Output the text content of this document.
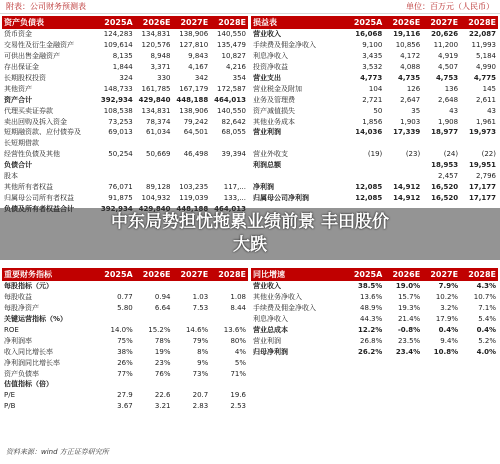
附表：公司财务预测表	单位：百万元（人民币）
资产负债表	2025A	2026E	2027E	2028E
货币资金	124,283	134,831	138,906	140,550
交易性及衍生金融资产	109,614	120,576	127,810	135,479
可供出售金融资产	8,135	8,948	9,843	10,827
存出保证金	1,844	3,371	4,167	4,216
长期股权投资	324	330	342	354
其他资产	148,733	161,785	167,179	172,587
资产合计	392,934	429,840	448,188	464,013
代理买卖证券款	108,538	134,831	138,906	140,550
卖出回购及拆入资金	73,253	78,374	79,242	82,642
短期融资款、应付债券及	69,013	61,034	64,501	68,055
长短期借款				
经营性负债及其他	50,254	50,669	46,498	39,394
负债合计				
股本				
其他所有者权益	76,071	89,128	103,235	117,...
归属母公司所有者权益	91,875	104,932	119,039	133,...

损益表	2025A	2026E	2027E	2028E
营业收入	16,068	19,116	20,626	22,087
手续费及佣金净收入	9,100	10,856	11,200	11,993
利息净收入	3,435	4,172	4,919	5,184
投资净收益	3,532	4,088	4,507	4,990
营业支出	4,773	4,735	4,753	4,775
营业税金及附加	104	126	136	145
业务及管理费	2,721	2,647	2,648	2,611
资产减值损失	50	35	43	43
其他业务成本	1,856	1,903	1,908	1,961
营业利润	14,036	17,339	18,977	19,973

营业外收支	(19)	(23)	(24)	(22)
利润总额			18,953	19,951
			2,457	2,796
净利润	12,085	14,912	16,520	17,177
归属母公司净利润	12,085	14,912	16,520	17,177

重要财务指标	2025A	2026E	2027E	2028E
每股指标（元）				
每股收益	0.77	0.94	1.03	1.08
每股净资产	5.80	6.64	7.53	8.44
关键运营指标（%）				
ROE	14.0%	15.2%	14.6%	13.6%
净利润率	75%	78%	79%	80%
收入同比增长率	38%	19%	8%	4%
净利润同比增长率	26%	23%	9%	5%
资产负债率	77%	76%	73%	71%
估值指标（倍）				
P/E	27.9	22.6	20.7	19.6
P/B	3.67	3.21	2.83	2.53
同比增速	2025A	2026E	2027E	2028E
营业收入	38.5%	19.0%	7.9%	4.3%
其他业务净收入	13.6%	15.7%	10.2%	10.7%
手续费及佣金净收入	48.9%	19.3%	3.2%	7.1%
利息净收入	44.3%	21.4%	17.9%	5.4%
营业总成本	12.2%	-0.8%	0.4%	0.4%
营业利润	26.8%	23.5%	9.4%	5.2%
归母净利润	26.2%	23.4%	10.8%	4.0%
中东局势担忧拖累业绩前景 丰田股价
大跌
资料来源：wind 方正证券研究所
